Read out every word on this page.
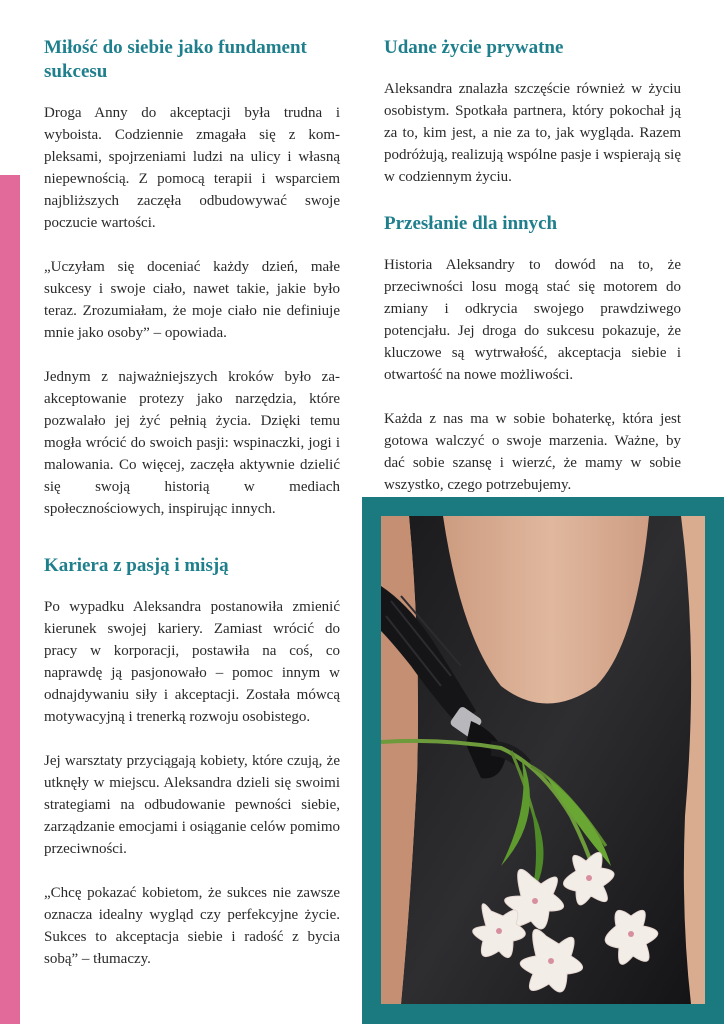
Miłość do siebie jako fundament sukcesu

Droga Anny do akceptacji była trudna i wyboista. Codziennie zmagała się z kompleksami, spojrzeniami ludzi na ulicy i własną niepewnością. Z pomocą terapii i wsparciem najbliższych zaczęła odbudowywać swoje poczucie wartości.

„Uczyłam się doceniać każdy dzień, małe sukcesy i swoje ciało, nawet takie, jakie było teraz. Zrozumiałam, że moje ciało nie definiuje mnie jako osoby” – opowiada.

Jednym z najważniejszych kroków było zaakceptowanie protezy jako narzędzia, które pozwalało jej żyć pełnią życia. Dzięki temu mogła wrócić do swoich pasji: wspinaczki, jogi i malowania. Co więcej, zaczęła aktywnie dzielić się swoją historią w mediach społecznościowych, inspirując innych.

Kariera z pasją i misją

Po wypadku Aleksandra postanowiła zmienić kierunek swojej kariery. Zamiast wrócić do pracy w korporacji, postawiła na coś, co naprawdę ją pasjonowało – pomoc innym w odnajdywaniu siły i akceptacji. Została mówcą motywacyjną i trenerką rozwoju osobistego.

Jej warsztaty przyciągają kobiety, które czują, że utknęły w miejscu. Aleksandra dzieli się swoimi strategiami na odbudowanie pewności siebie, zarządzanie emocjami i osiąganie celów pomimo przeciwności.

„Chcę pokazać kobietom, że sukces nie zawsze oznacza idealny wygląd czy perfekcyjne życie. Sukces to akceptacja siebie i radość z bycia sobą” – tłumaczy.

Udane życie prywatne

Aleksandra znalazła szczęście również w życiu osobistym. Spotkała partnera, który pokochał ją za to, kim jest, a nie za to, jak wygląda. Razem podróżują, realizują wspólne pasje i wspierają się w codziennym życiu.

Przesłanie dla innych

Historia Aleksandry to dowód na to, że przeciwności losu mogą stać się motorem do zmiany i odkrycia swojego prawdziwego potencjału. Jej droga do sukcesu pokazuje, że kluczowe są wytrwałość, akceptacja siebie i otwartość na nowe możliwości.

Każda z nas ma w sobie bohaterkę, która jest gotowa walczyć o swoje marzenia. Ważne, by dać sobie szansę i wierzć, że mamy w sobie wszystko, czego potrzebujemy.
